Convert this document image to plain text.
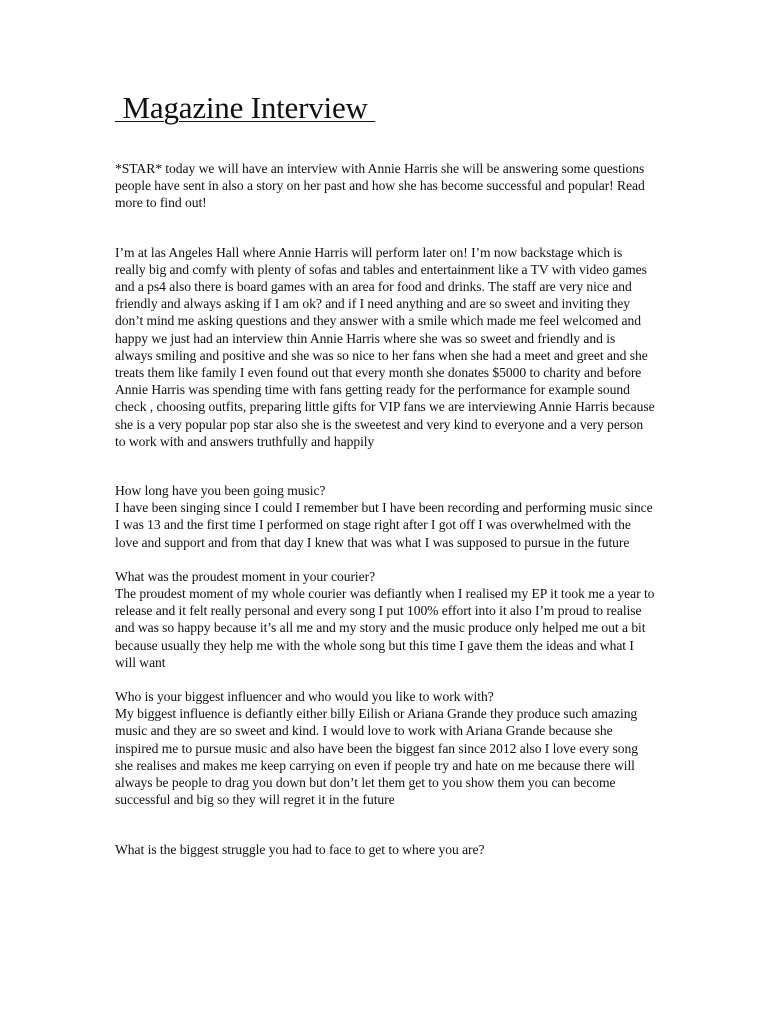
Magazine Interview

*STAR* today we will have an interview with Annie Harris she will be answering some questions people have sent in also a story on her past and how she has become successful and popular! Read more to find out!

I’m at las Angeles Hall where Annie Harris will perform later on! I’m now backstage which is really big and comfy with plenty of sofas and tables and entertainment like a TV with video games and a ps4 also there is board games with an area for food and drinks. The staff are very nice and friendly and always asking if I am ok? and if I need anything and are so sweet and inviting they don’t mind me asking questions and they answer with a smile which made me feel welcomed and happy we just had an interview thin Annie Harris where she was so sweet and friendly and is always smiling and positive and she was so nice to her fans when she had a meet and greet and she treats them like family I even found out that every month she donates $5000 to charity and before Annie Harris was spending time with fans getting ready for the performance for example sound check , choosing outfits, preparing little gifts for VIP fans we are interviewing Annie Harris because she is a very popular pop star also she is the sweetest and very kind to everyone and a very person to work with and answers truthfully and happily

How long have you been going music?

I have been singing since I could I remember but I have been recording and performing music since I was 13 and the first time I performed on stage right after I got off I was overwhelmed with the love and support and from that day I knew that was what I was supposed to pursue in the future

What was the proudest moment in your courier?

The proudest moment of my whole courier was defiantly when I realised my EP it took me a year to release and it felt really personal and every song I put 100% effort into it also I’m proud to realise and was so happy because it’s all me and my story and the music produce only helped me out a bit because usually they help me with the whole song but this time I gave them the ideas and what I will want

Who is your biggest influencer and who would you like to work with?

My biggest influence is defiantly either billy Eilish or Ariana Grande they produce such amazing music and they are so sweet and kind. I would love to work with Ariana Grande because she inspired me to pursue music and also have been the biggest fan since 2012 also I love every song she realises and makes me keep carrying on even if people try and hate on me because there will always be people to drag you down but don’t let them get to you show them you can become successful and big so they will regret it in the future

What is the biggest struggle you had to face to get to where you are?
